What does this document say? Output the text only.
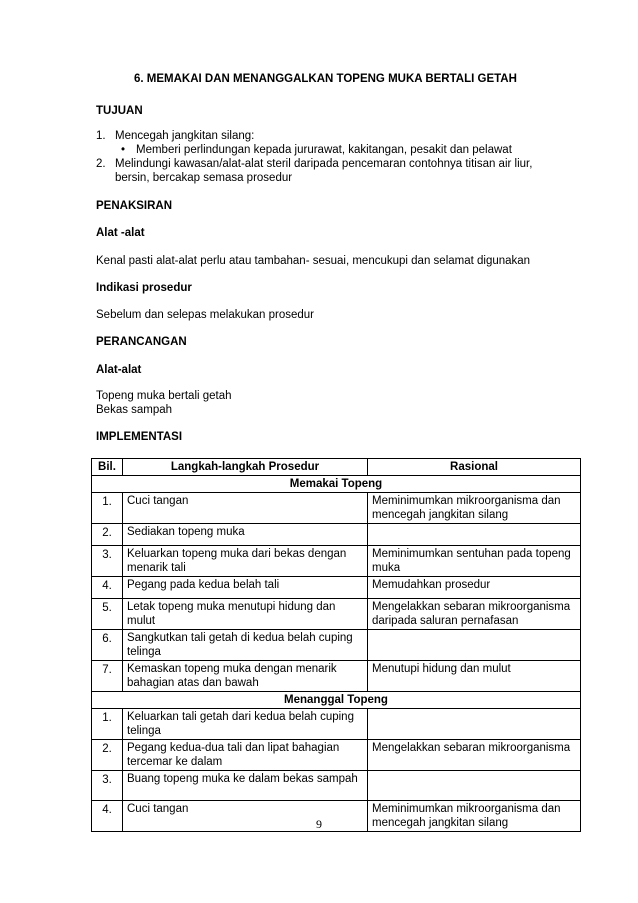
6. MEMAKAI DAN MENANGGALKAN TOPENG MUKA BERTALI GETAH
TUJUAN
1. Mencegah jangkitan silang:
• Memberi perlindungan kepada jururawat, kakitangan, pesakit dan pelawat
2. Melindungi kawasan/alat-alat steril daripada pencemaran contohnya titisan air liur,
bersin, bercakap semasa prosedur
PENAKSIRAN
Alat -alat
Kenal pasti alat-alat perlu atau tambahan- sesuai, mencukupi dan selamat digunakan
Indikasi prosedur
Sebelum dan selepas melakukan prosedur
PERANCANGAN
Alat-alat
Topeng muka bertali getah
Bekas sampah
IMPLEMENTASI
Bil.	Langkah-langkah Prosedur	Rasional
Memakai Topeng		
1.	Cuci tangan	Meminimumkan mikroorganisma dan mencegah jangkitan silang
2.	Sediakan topeng muka	
3.	Keluarkan topeng muka dari bekas dengan menarik tali	Meminimumkan sentuhan pada topeng muka
4.	Pegang pada kedua belah tali	Memudahkan prosedur
5.	Letak topeng muka menutupi hidung dan mulut	Mengelakkan sebaran mikroorganisma daripada saluran pernafasan
6.	Sangkutkan tali getah di kedua belah cuping telinga	
7.	Kemaskan topeng muka dengan menarik bahagian atas dan bawah	Menutupi hidung dan mulut
Menanggal Topeng		
1.	Keluarkan tali getah dari kedua belah cuping telinga	
2.	Pegang kedua-dua tali dan lipat bahagian tercemar ke dalam	Mengelakkan sebaran mikroorganisma
3.	Buang topeng muka ke dalam bekas sampah	
4.	Cuci tangan	Meminimumkan mikroorganisma dan mencegah jangkitan silang
9
